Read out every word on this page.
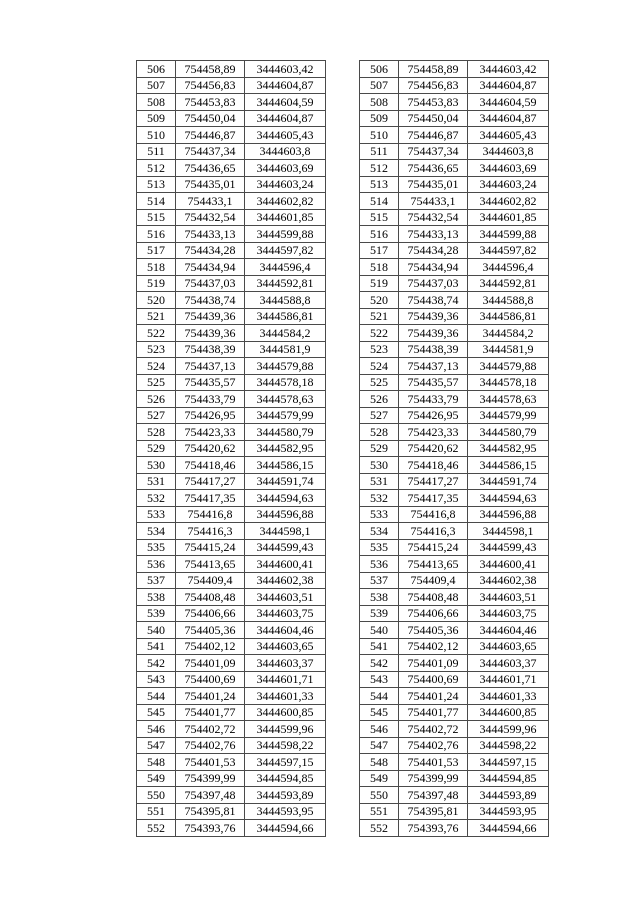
506	754458,89	3444603,42
507	754456,83	3444604,87
508	754453,83	3444604,59
509	754450,04	3444604,87
510	754446,87	3444605,43
511	754437,34	3444603,8
512	754436,65	3444603,69
513	754435,01	3444603,24
514	754433,1	3444602,82
515	754432,54	3444601,85
516	754433,13	3444599,88
517	754434,28	3444597,82
518	754434,94	3444596,4
519	754437,03	3444592,81
520	754438,74	3444588,8
521	754439,36	3444586,81
522	754439,36	3444584,2
523	754438,39	3444581,9
524	754437,13	3444579,88
525	754435,57	3444578,18
526	754433,79	3444578,63
527	754426,95	3444579,99
528	754423,33	3444580,79
529	754420,62	3444582,95
530	754418,46	3444586,15
531	754417,27	3444591,74
532	754417,35	3444594,63
533	754416,8	3444596,88
534	754416,3	3444598,1
535	754415,24	3444599,43
536	754413,65	3444600,41
537	754409,4	3444602,38
538	754408,48	3444603,51
539	754406,66	3444603,75
540	754405,36	3444604,46
541	754402,12	3444603,65
542	754401,09	3444603,37
543	754400,69	3444601,71
544	754401,24	3444601,33
545	754401,77	3444600,85
546	754402,72	3444599,96
547	754402,76	3444598,22
548	754401,53	3444597,15
549	754399,99	3444594,85
550	754397,48	3444593,89
551	754395,81	3444593,95
552	754393,76	3444594,66
506	754458,89	3444603,42
507	754456,83	3444604,87
508	754453,83	3444604,59
509	754450,04	3444604,87
510	754446,87	3444605,43
511	754437,34	3444603,8
512	754436,65	3444603,69
513	754435,01	3444603,24
514	754433,1	3444602,82
515	754432,54	3444601,85
516	754433,13	3444599,88
517	754434,28	3444597,82
518	754434,94	3444596,4
519	754437,03	3444592,81
520	754438,74	3444588,8
521	754439,36	3444586,81
522	754439,36	3444584,2
523	754438,39	3444581,9
524	754437,13	3444579,88
525	754435,57	3444578,18
526	754433,79	3444578,63
527	754426,95	3444579,99
528	754423,33	3444580,79
529	754420,62	3444582,95
530	754418,46	3444586,15
531	754417,27	3444591,74
532	754417,35	3444594,63
533	754416,8	3444596,88
534	754416,3	3444598,1
535	754415,24	3444599,43
536	754413,65	3444600,41
537	754409,4	3444602,38
538	754408,48	3444603,51
539	754406,66	3444603,75
540	754405,36	3444604,46
541	754402,12	3444603,65
542	754401,09	3444603,37
543	754400,69	3444601,71
544	754401,24	3444601,33
545	754401,77	3444600,85
546	754402,72	3444599,96
547	754402,76	3444598,22
548	754401,53	3444597,15
549	754399,99	3444594,85
550	754397,48	3444593,89
551	754395,81	3444593,95
552	754393,76	3444594,66
